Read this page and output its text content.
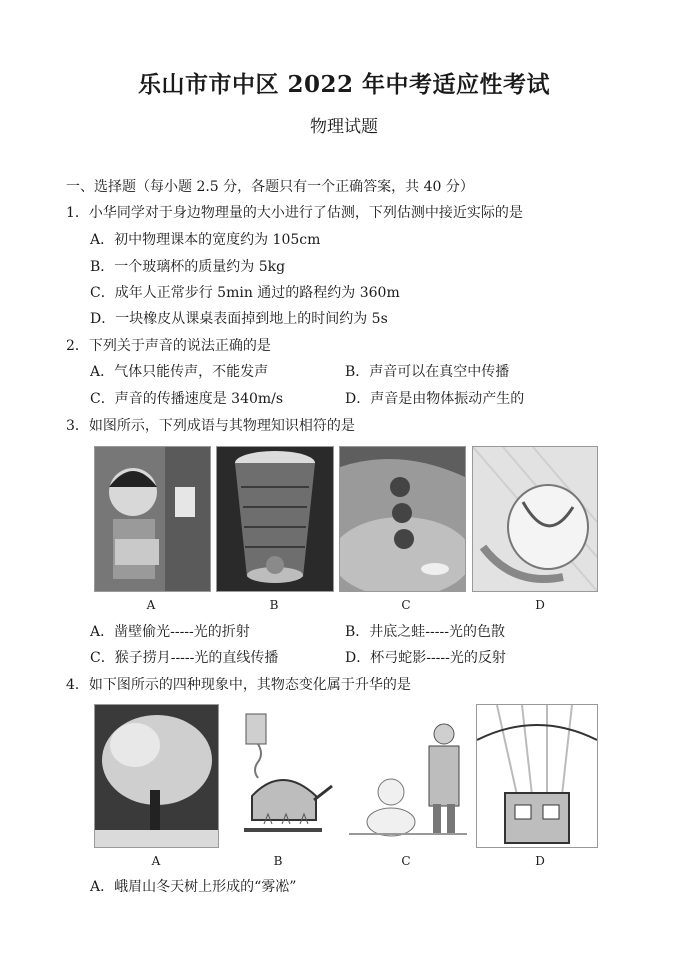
乐山市市中区 2022 年中考适应性考试
物理试题
一、选择题（每小题 2.5 分，各题只有一个正确答案，共 40 分）
1．小华同学对于身边物理量的大小进行了估测，下列估测中接近实际的是
A．初中物理课本的宽度约为 105cm
B．一个玻璃杯的质量约为 5kg
C．成年人正常步行 5min 通过的路程约为 360m
D．一块橡皮从课桌表面掉到地上的时间约为 5s
2．下列关于声音的说法正确的是
A．气体只能传声，不能发声	B．声音可以在真空中传播
C．声音的传播速度是 340m/s	D．声音是由物体振动产生的
3．如图所示，下列成语与其物理知识相符的是
A	B	C	D
A．凿壁偷光-----光的折射	B．井底之蛙-----光的色散
C．猴子捞月-----光的直线传播	D．杯弓蛇影-----光的反射
4．如下图所示的四种现象中，其物态变化属于升华的是
A	B	C	D
A．峨眉山冬天树上形成的“雾凇”
